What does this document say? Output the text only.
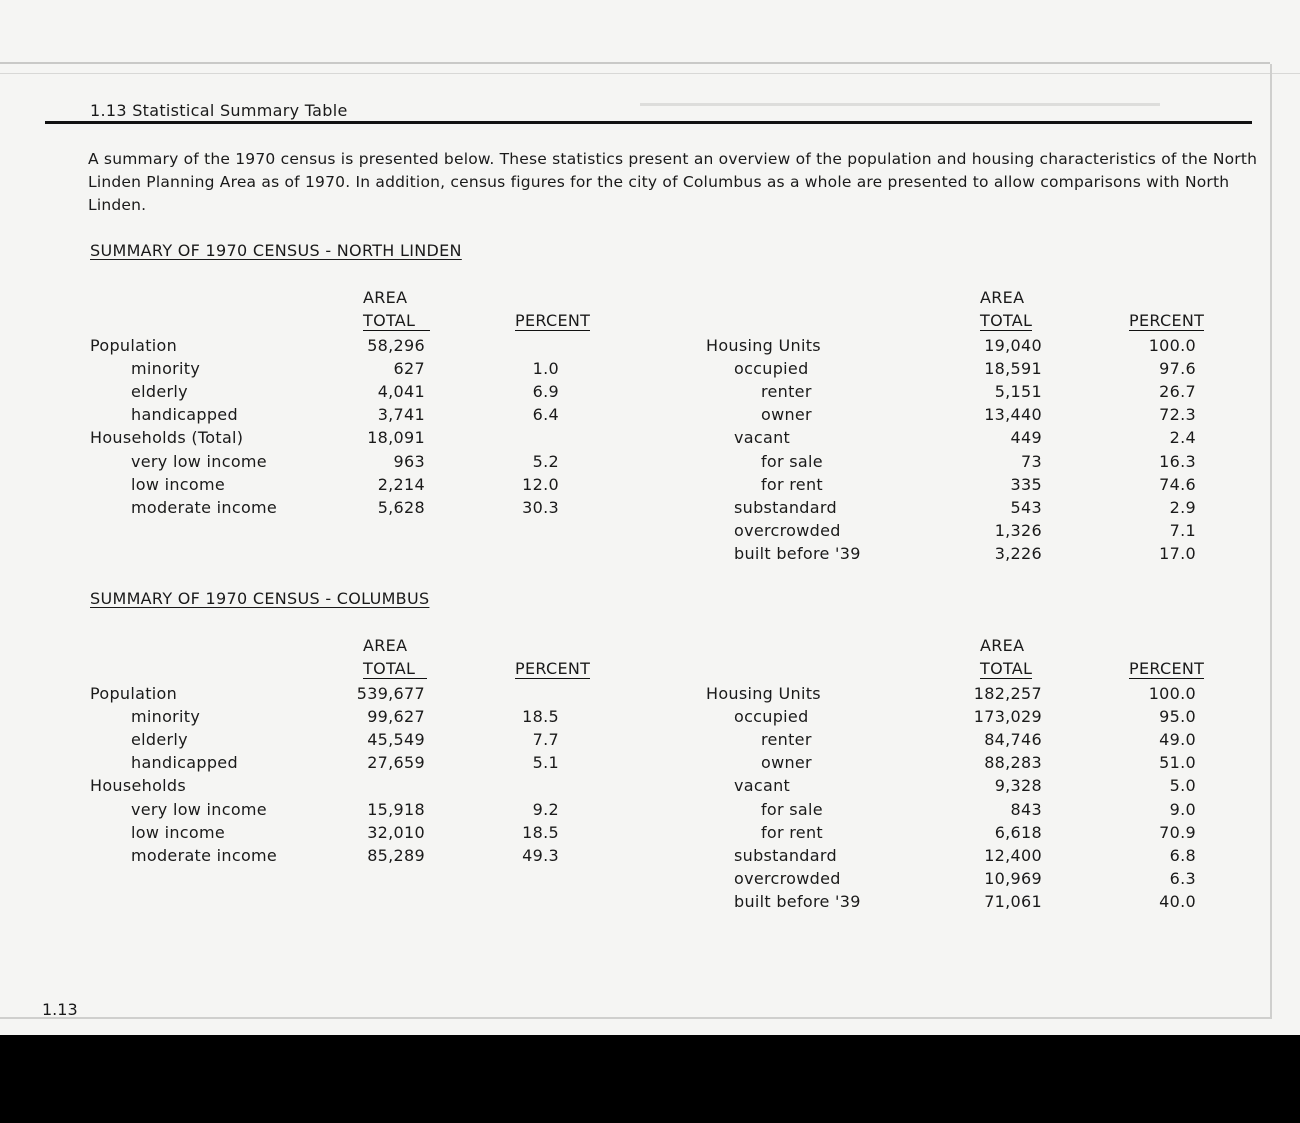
1.13 Statistical Summary Table
A summary of the 1970 census is presented below. These statistics present an overview of the population and housing characteristics of the North Linden Planning Area as of 1970. In addition, census figures for the city of Columbus as a whole are presented to allow comparisons with North Linden.
SUMMARY OF 1970 CENSUS - NORTH LINDEN
SUMMARY OF 1970 CENSUS - COLUMBUS
AREA
TOTAL	PERCENT
Population	58,296
minority	627	1.0
elderly	4,041	6.9
handicapped	3,741	6.4
Households (Total)	18,091
very low income	963	5.2
low income	2,214	12.0
moderate income	5,628	30.3
AREA
TOTAL	PERCENT
Housing Units	19,040	100.0
occupied	18,591	97.6
renter	5,151	26.7
owner	13,440	72.3
vacant	449	2.4
for sale	73	16.3
for rent	335	74.6
substandard	543	2.9
overcrowded	1,326	7.1
built before '39	3,226	17.0
AREA
TOTAL	PERCENT
Population	539,677
minority	99,627	18.5
elderly	45,549	7.7
handicapped	27,659	5.1
Households
very low income	15,918	9.2
low income	32,010	18.5
moderate income	85,289	49.3
AREA
TOTAL	PERCENT
Housing Units	182,257	100.0
occupied	173,029	95.0
renter	84,746	49.0
owner	88,283	51.0
vacant	9,328	5.0
for sale	843	9.0
for rent	6,618	70.9
substandard	12,400	6.8
overcrowded	10,969	6.3
built before '39	71,061	40.0
1.13
